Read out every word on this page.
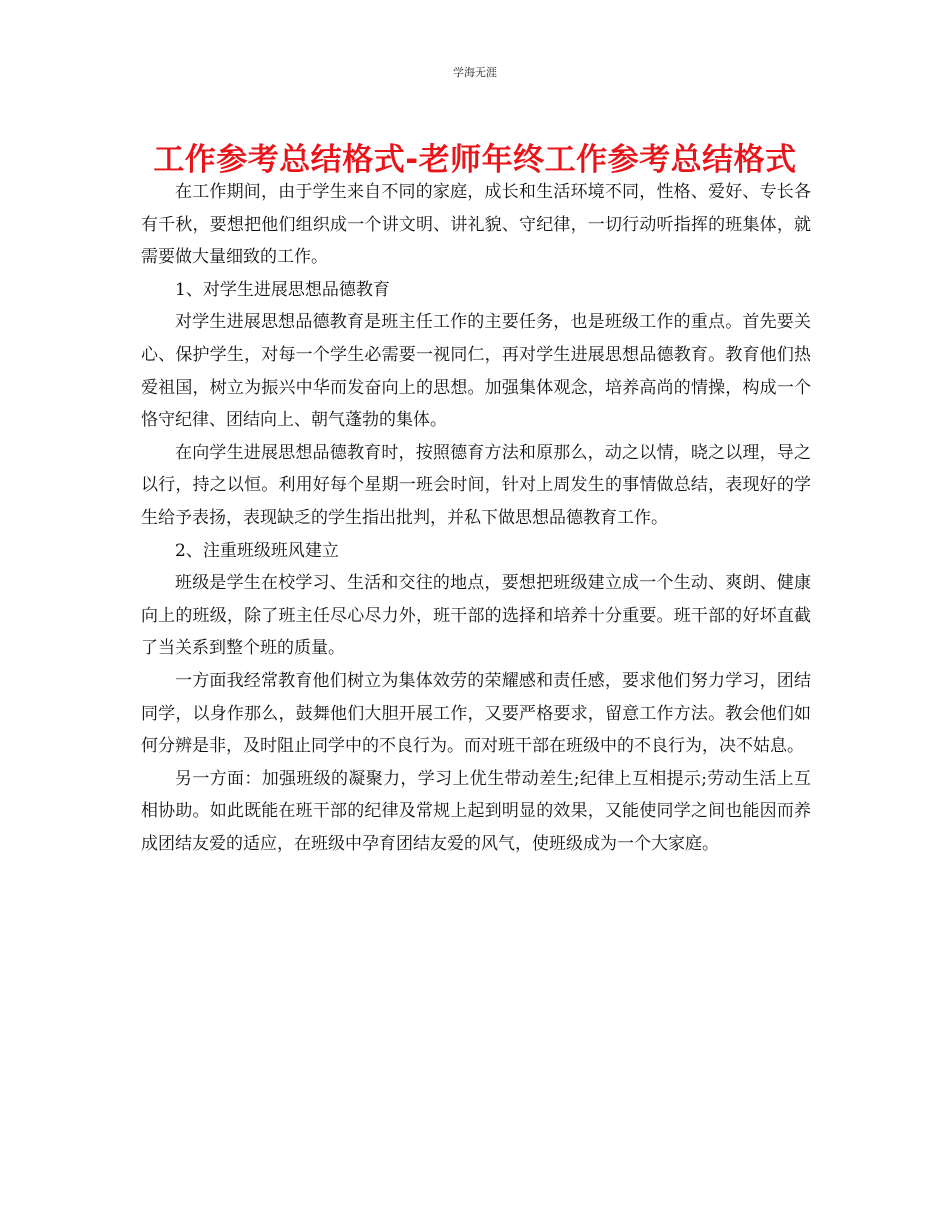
学海无涯
工作参考总结格式-老师年终工作参考总结格式

在工作期间，由于学生来自不同的家庭，成长和生活环境不同，性格、爱好、专长各有千秋，要想把他们组织成一个讲文明、讲礼貌、守纪律，一切行动听指挥的班集体，就需要做大量细致的工作。

1、对学生进展思想品德教育

对学生进展思想品德教育是班主任工作的主要任务，也是班级工作的重点。首先要关心、保护学生，对每一个学生必需要一视同仁，再对学生进展思想品德教育。教育他们热爱祖国，树立为振兴中华而发奋向上的思想。加强集体观念，培养高尚的情操，构成一个恪守纪律、团结向上、朝气蓬勃的集体。

在向学生进展思想品德教育时，按照德育方法和原那么，动之以情，晓之以理，导之以行，持之以恒。利用好每个星期一班会时间，针对上周发生的事情做总结，表现好的学生给予表扬，表现缺乏的学生指出批判，并私下做思想品德教育工作。

2、注重班级班风建立

班级是学生在校学习、生活和交往的地点，要想把班级建立成一个生动、爽朗、健康向上的班级，除了班主任尽心尽力外，班干部的选择和培养十分重要。班干部的好坏直截了当关系到整个班的质量。

一方面我经常教育他们树立为集体效劳的荣耀感和责任感，要求他们努力学习，团结同学，以身作那么，鼓舞他们大胆开展工作，又要严格要求，留意工作方法。教会他们如何分辨是非，及时阻止同学中的不良行为。而对班干部在班级中的不良行为，决不姑息。

另一方面：加强班级的凝聚力，学习上优生带动差生;纪律上互相提示;劳动生活上互相协助。如此既能在班干部的纪律及常规上起到明显的效果，又能使同学之间也能因而养成团结友爱的适应，在班级中孕育团结友爱的风气，使班级成为一个大家庭。
